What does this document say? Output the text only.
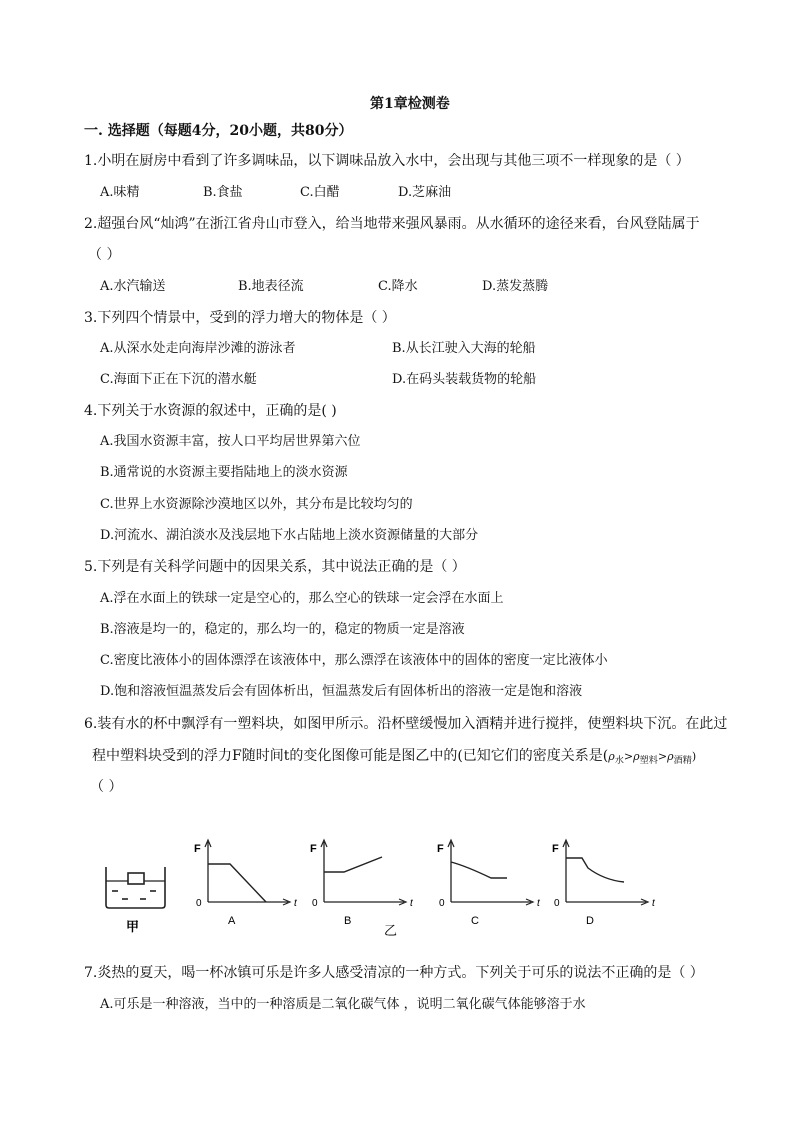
第1章检测卷
一. 选择题（每题4分，20小题，共80分）
1.小明在厨房中看到了许多调味品，以下调味品放入水中，会出现与其他三项不一样现象的是（ ）
A.味精	B.食盐	C.白醋	D.芝麻油
2.超强台风“灿鸿”在浙江省舟山市登入，给当地带来强风暴雨。从水循环的途径来看，台风登陆属于
（ ）
A.水汽输送	B.地表径流	C.降水	D.蒸发蒸腾
3.下列四个情景中，受到的浮力增大的物体是（ ）
A.从深水处走向海岸沙滩的游泳者	B.从长江驶入大海的轮船
C.海面下正在下沉的潜水艇	D.在码头装载货物的轮船
4.下列关于水资源的叙述中，正确的是( )
A.我国水资源丰富，按人口平均居世界第六位
B.通常说的水资源主要指陆地上的淡水资源
C.世界上水资源除沙漠地区以外，其分布是比较均匀的
D.河流水、湖泊淡水及浅层地下水占陆地上淡水资源储量的大部分
5.下列是有关科学问题中的因果关系，其中说法正确的是（ ）
A.浮在水面上的铁球一定是空心的，那么空心的铁球一定会浮在水面上
B.溶液是均一的，稳定的，那么均一的，稳定的物质一定是溶液
C.密度比液体小的固体漂浮在该液体中，那么漂浮在该液体中的固体的密度一定比液体小
D.饱和溶液恒温蒸发后会有固体析出，恒温蒸发后有固体析出的溶液一定是饱和溶液
6.装有水的杯中飘浮有一塑料块，如图甲所示。沿杯壁缓慢加入酒精并进行搅拌，使塑料块下沉。在此过
程中塑料块受到的浮力F随时间t的变化图像可能是图乙中的(已知它们的密度关系是$(\rho_水>\rho_{塑料}>\rho_{酒精})$
（ ）
甲
F
t
0
A
F
t
0
B
F
t
0
C
F
t
0
D
乙
7.炎热的夏天，喝一杯冰镇可乐是许多人感受清凉的一种方式。下列关于可乐的说法不正确的是（ ）
A.可乐是一种溶液，当中的一种溶质是二氧化碳气体 ，说明二氧化碳气体能够溶于水
